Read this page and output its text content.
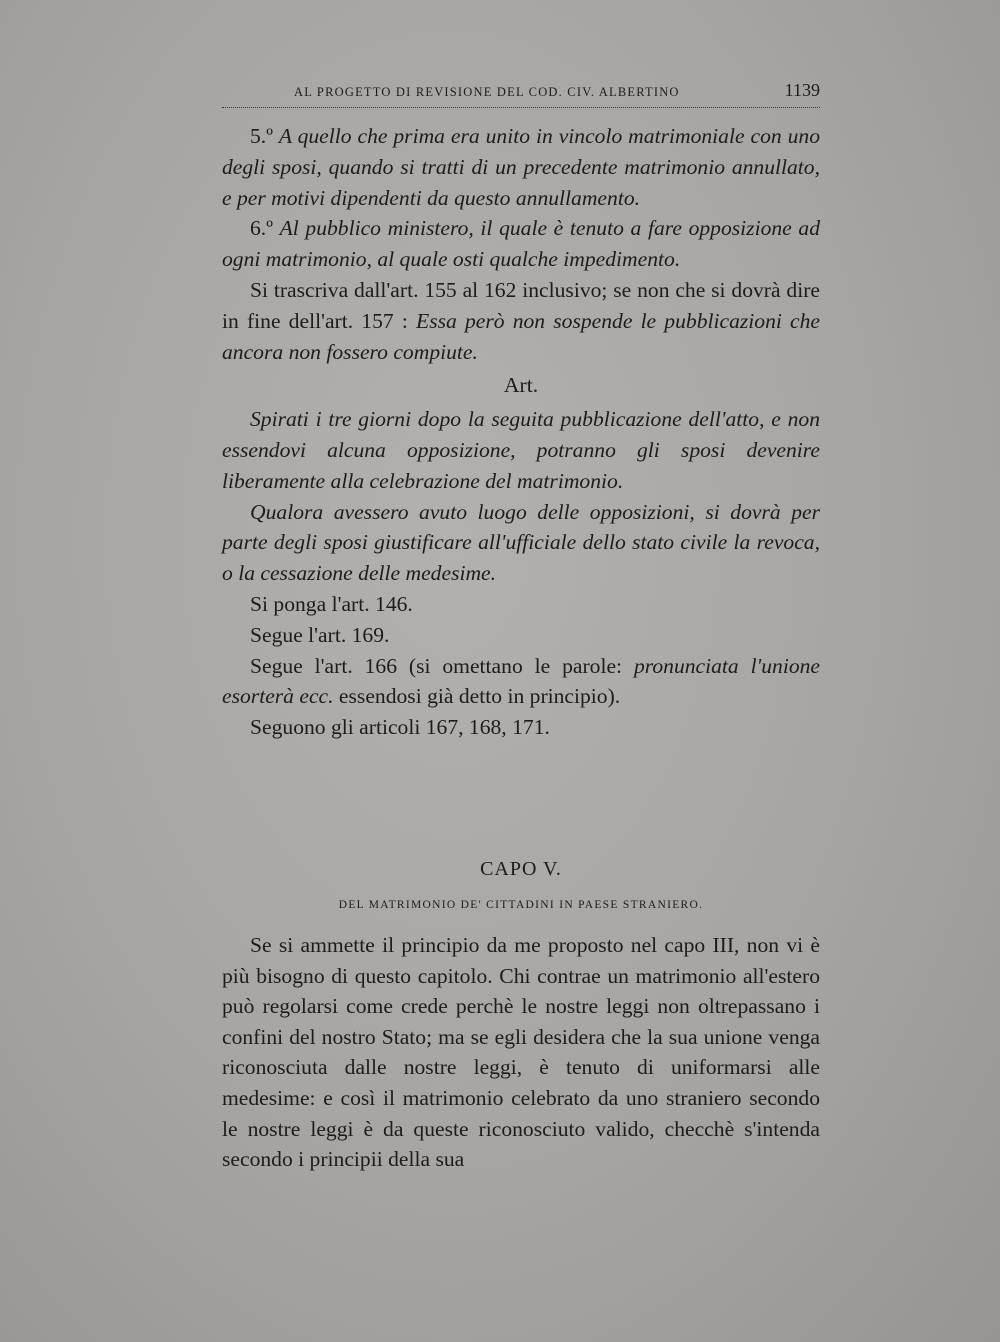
AL PROGETTO DI REVISIONE DEL COD. CIV. ALBERTINO	1139

5.º A quello che prima era unito in vincolo matrimoniale con uno degli sposi, quando si tratti di un precedente matrimonio annullato, e per motivi dipendenti da questo annullamento.

6.º Al pubblico ministero, il quale è tenuto a fare opposizione ad ogni matrimonio, al quale osti qualche impedimento.

Si trascriva dall'art. 155 al 162 inclusivo; se non che si dovrà dire in fine dell'art. 157 : Essa però non sospende le pubblicazioni che ancora non fossero compiute.

Art.

Spirati i tre giorni dopo la seguita pubblicazione dell'atto, e non essendovi alcuna opposizione, potranno gli sposi devenire liberamente alla celebrazione del matrimonio.

Qualora avessero avuto luogo delle opposizioni, si dovrà per parte degli sposi giustificare all'ufficiale dello stato civile la revoca, o la cessazione delle medesime.

Si ponga l'art. 146.

Segue l'art. 169.

Segue l'art. 166 (si omettano le parole: pronunciata l'unione esorterà ecc. essendosi già detto in principio).

Seguono gli articoli 167, 168, 171.

CAPO V.
DEL MATRIMONIO DE' CITTADINI IN PAESE STRANIERO.

Se si ammette il principio da me proposto nel capo III, non vi è più bisogno di questo capitolo. Chi contrae un matrimonio all'estero può regolarsi come crede perchè le nostre leggi non oltrepassano i confini del nostro Stato; ma se egli desidera che la sua unione venga riconosciuta dalle nostre leggi, è tenuto di uniformarsi alle medesime: e così il matrimonio celebrato da uno straniero secondo le nostre leggi è da queste riconosciuto valido, checchè s'intenda secondo i principii della sua
